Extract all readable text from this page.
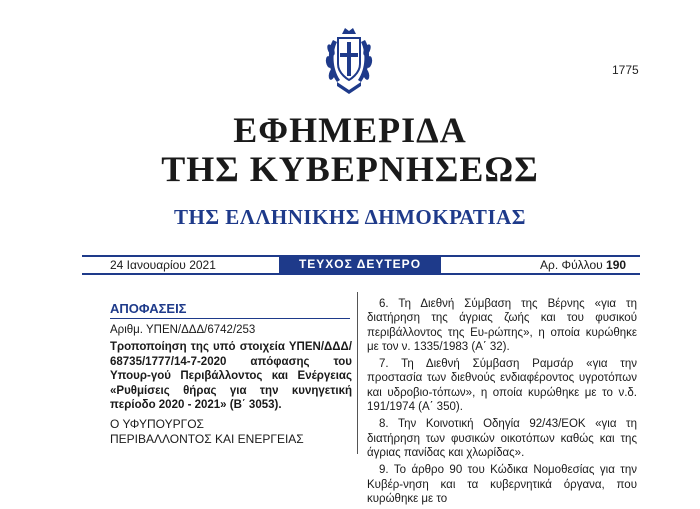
1775
ΕΦΗΜΕΡΙΔΑ
ΤΗΣ ΚΥΒΕΡΝΗΣΕΩΣ
ΤΗΣ ΕΛΛΗΝΙΚΗΣ ΔΗΜΟΚΡΑΤΙΑΣ
24 Ιανουαρίου 2021	ΤΕΥΧΟΣ ΔΕΥΤΕΡΟ	Αρ. Φύλλου 190
ΑΠΟΦΑΣΕΙΣ
Αριθμ. ΥΠΕΝ/ΔΔΔ/6742/253
Τροποποίηση της υπό στοιχεία ΥΠΕΝ/ΔΔΔ/ 68735/1777/14-7-2020 απόφασης του Υπουρ-γού Περιβάλλοντος και Ενέργειας «Ρυθμίσεις θήρας για την κυνηγετική περίοδο 2020 - 2021» (Β΄ 3053).
Ο ΥΦΥΠΟΥΡΓΟΣ
ΠΕΡΙΒΑΛΛΟΝΤΟΣ ΚΑΙ ΕΝΕΡΓΕΙΑΣ

6. Τη Διεθνή Σύμβαση της Βέρνης «για τη διατήρηση της άγριας ζωής και του φυσικού περιβάλλοντος της Ευ-ρώπης», η οποία κυρώθηκε με τον ν. 1335/1983 (Α΄ 32).

7. Τη Διεθνή Σύμβαση Ραμσάρ «για την προστασία των διεθνούς ενδιαφέροντος υγροτόπων και υδροβιο-τόπων», η οποία κυρώθηκε με το ν.δ. 191/1974 (Α΄ 350).

8. Την Κοινοτική Οδηγία 92/43/ΕΟΚ «για τη διατήρηση των φυσικών οικοτόπων καθώς και της άγριας πανίδας και χλωρίδας».

9. Το άρθρο 90 του Κώδικα Νομοθεσίας για την Κυβέρ-νηση και τα κυβερνητικά όργανα, που κυρώθηκε με το
